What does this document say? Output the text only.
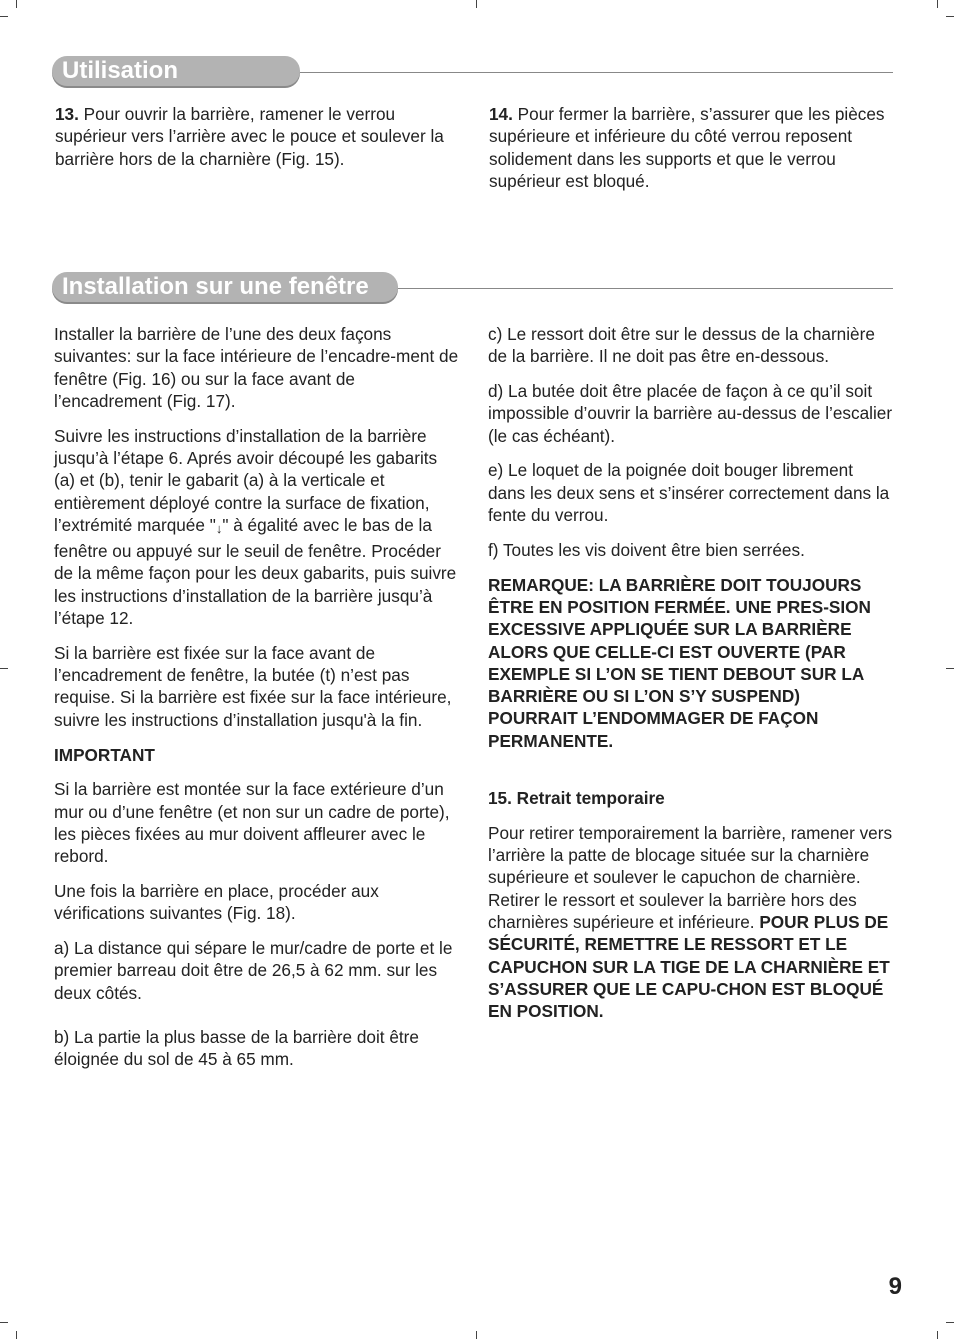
Utilisation

13. Pour ouvrir la barrière, ramener le verrou supérieur vers l’arrière avec le pouce et soulever la barrière hors de la charnière (Fig. 15).

14. Pour fermer la barrière, s’assurer que les pièces supérieure et inférieure du côté verrou reposent solidement dans les supports et que le verrou supérieur est bloqué.

Installation sur une fenêtre

Installer la barrière de l’une des deux façons suivantes: sur la face intérieure de l’encadre-ment de fenêtre (Fig. 16) ou sur la face avant de l’encadrement (Fig. 17).

Suivre les instructions d’installation de la barrière jusqu’à l’étape 6. Aprés avoir découpé les gabarits (a) et (b), tenir le gabarit (a) à la verticale et entièrement déployé contre la surface de fixation, l’extrémité marquée "↓" à égalité avec le bas de la fenêtre ou appuyé sur le seuil de fenêtre. Procéder de la même façon pour les deux gabarits, puis suivre les instructions d’installation de la barrière jusqu’à l’étape 12.

Si la barrière est fixée sur la face avant de l’encadrement de fenêtre, la butée (t) n’est pas requise. Si la barrière est fixée sur la face intérieure, suivre les instructions d’installation jusqu'à la fin.

IMPORTANT

Si la barrière est montée sur la face extérieure d’un mur ou d’une fenêtre (et non sur un cadre de porte), les pièces fixées au mur doivent affleurer avec le rebord.

Une fois la barrière en place, procéder aux vérifications suivantes (Fig. 18).

a) La distance qui sépare le mur/cadre de porte et le premier barreau doit être de 26,5 à 62 mm. sur les deux côtés.

b) La partie la plus basse de la barrière doit être éloignée du sol de 45 à 65 mm.

c) Le ressort doit être sur le dessus de la charnière de la barrière. Il ne doit pas être en-dessous.

d) La butée doit être placée de façon à ce qu’il soit impossible d’ouvrir la barrière au-dessus de l’escalier (le cas échéant).

e) Le loquet de la poignée doit bouger librement dans les deux sens et s’insérer correctement dans la fente du verrou.

f) Toutes les vis doivent être bien serrées.

REMARQUE: LA BARRIÈRE DOIT TOUJOURS ÊTRE EN POSITION FERMÉE. UNE PRES-SION EXCESSIVE APPLIQUÉE SUR LA BARRIÈRE ALORS QUE CELLE-CI EST OUVERTE (PAR EXEMPLE SI L’ON SE TIENT DEBOUT SUR LA BARRIÈRE OU SI L’ON S’Y SUSPEND) POURRAIT L’ENDOMMAGER DE FAÇON PERMANENTE.

15. Retrait temporaire

Pour retirer temporairement la barrière, ramener vers l’arrière la patte de blocage située sur la charnière supérieure et soulever le capuchon de charnière. Retirer le ressort et soulever la barrière hors des charnières supérieure et inférieure. POUR PLUS DE SÉCURITÉ, REMETTRE LE RESSORT ET LE CAPUCHON SUR LA TIGE DE LA CHARNIÈRE ET S’ASSURER QUE LE CAPU-CHON EST BLOQUÉ EN POSITION.

9
